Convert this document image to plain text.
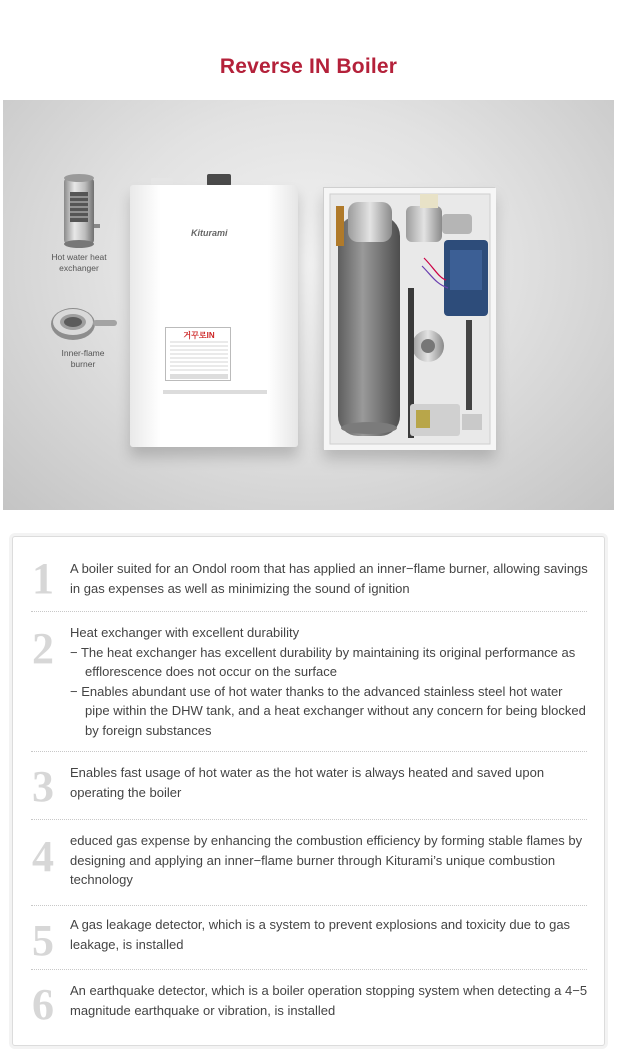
Reverse IN Boiler
Hot water heat
exchanger
Inner-flame
burner
Kiturami
거꾸로IN
1 A boiler suited for an Ondol room that has applied an inner−flame burner, allowing savings in gas expenses as well as minimizing the sound of ignition
2 Heat exchanger with excellent durability
− The heat exchanger has excellent durability by maintaining its original performance as efflorescence does not occur on the surface
− Enables abundant use of hot water thanks to the advanced stainless steel hot water pipe within the DHW tank, and a heat exchanger without any concern for being blocked by foreign substances
3 Enables fast usage of hot water as the hot water is always heated and saved upon operating the boiler
4 educed gas expense by enhancing the combustion efficiency by forming stable flames by designing and applying an inner−flame burner through Kiturami’s unique combustion technology
5 A gas leakage detector, which is a system to prevent explosions and toxicity due to gas leakage, is installed
6 An earthquake detector, which is a boiler operation stopping system when detecting a 4−5 magnitude earthquake or vibration, is installed
